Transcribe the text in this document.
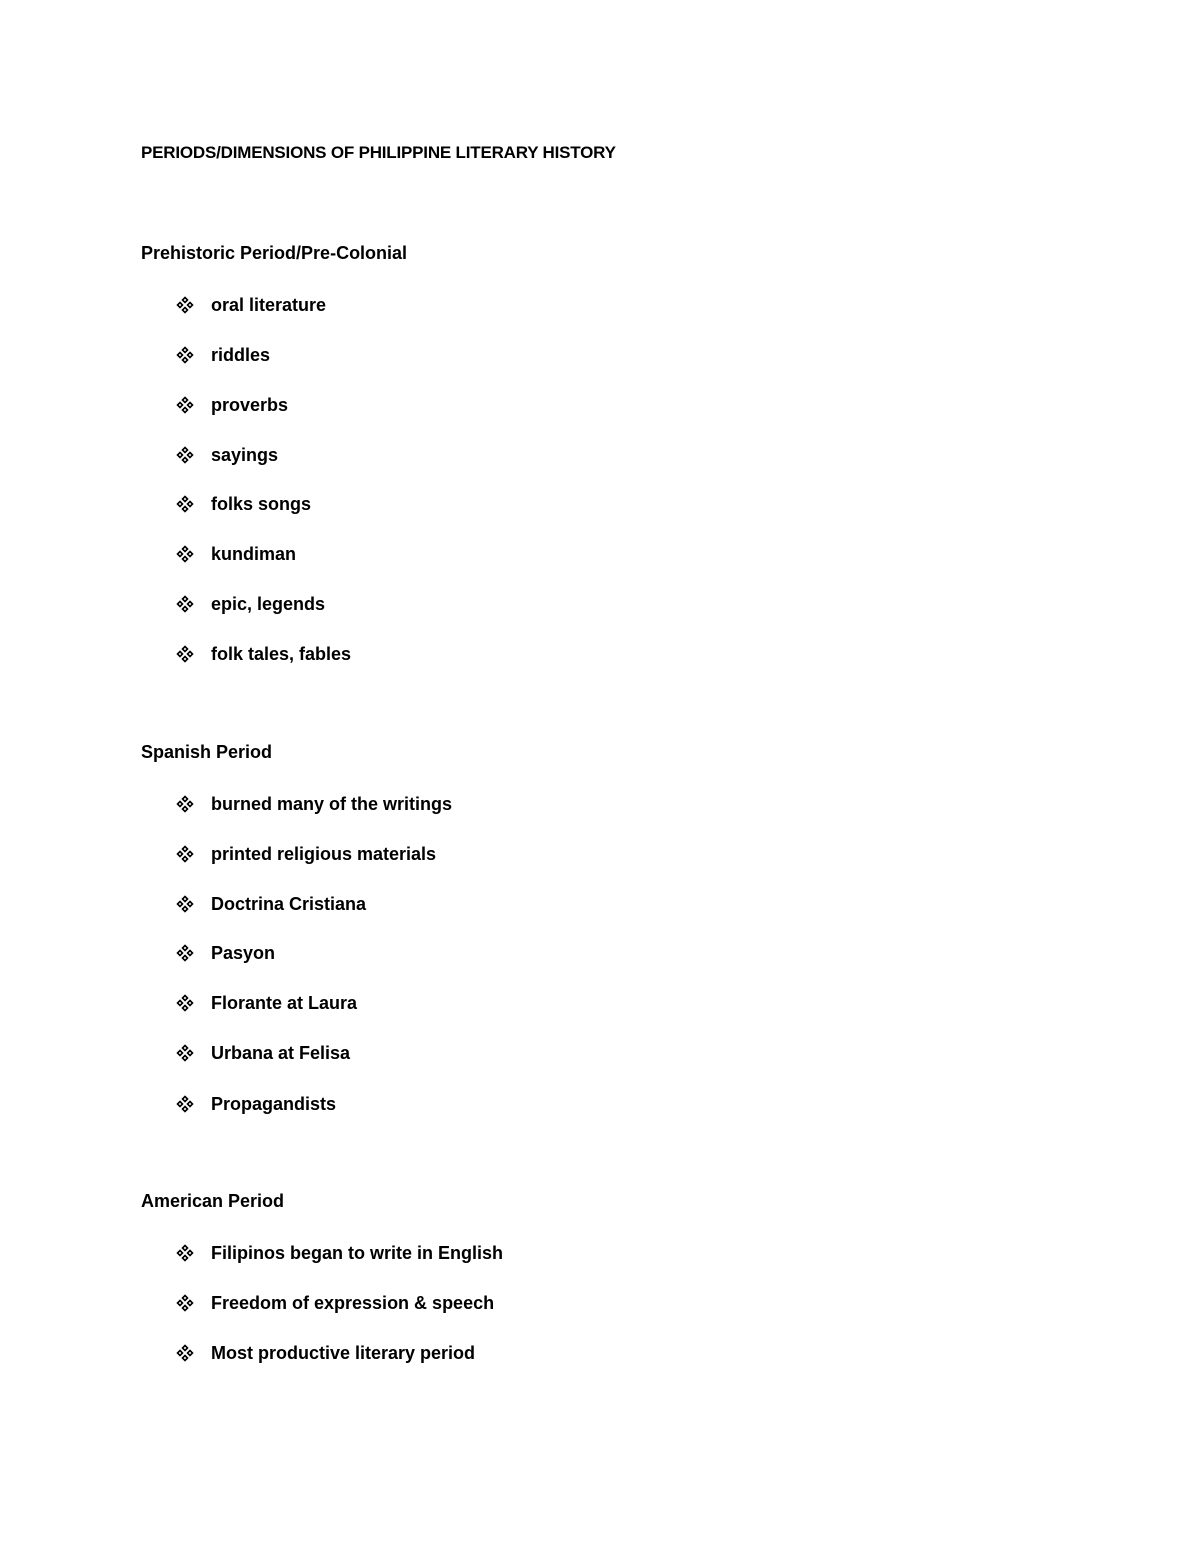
PERIODS/DIMENSIONS OF PHILIPPINE LITERARY HISTORY
Prehistoric Period/Pre-Colonial
oral literature
riddles
proverbs
sayings
folks songs
kundiman
epic, legends
folk tales, fables
Spanish Period
burned many of the writings
printed religious materials
Doctrina Cristiana
Pasyon
Florante at Laura
Urbana at Felisa
Propagandists
American Period
Filipinos began to write in English
Freedom of expression & speech
Most productive literary period
